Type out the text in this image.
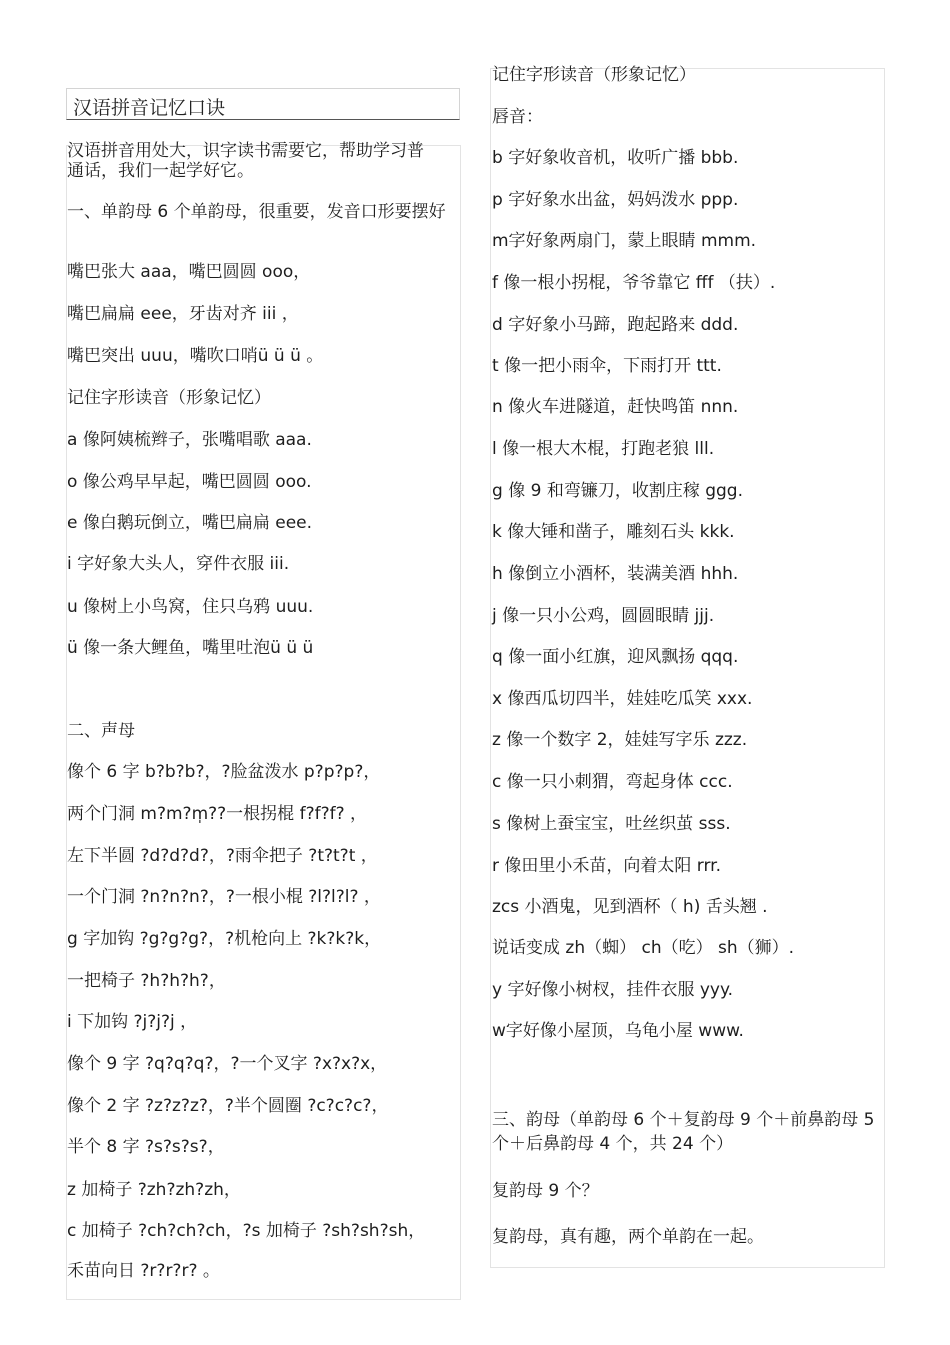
汉语拼音记忆口诀
汉语拼音用处大，识字读书需要它，帮助学习普通话，我们一起学好它。
一、单韵母 6 个单韵母，很重要，发音口形要摆好
嘴巴张大 aaa，嘴巴圆圆 ooo，
嘴巴扁扁 eee，牙齿对齐 iii ，
嘴巴突出 uuu，嘴吹口哨ü ü ü 。
记住字形读音（形象记忆）
a 像阿姨梳辫子，张嘴唱歌 aaa.
o 像公鸡早早起，嘴巴圆圆 ooo.
e 像白鹅玩倒立，嘴巴扁扁 eee.
i 字好象大头人，穿件衣服 iii.
u 像树上小鸟窝，住只乌鸦 uuu.
ü 像一条大鲤鱼，嘴里吐泡ü ü ü
二、声母
像个 6 字 b?b?b?，?脸盆泼水 p?p?p?，
两个门洞 m?m?m̩??一根拐棍 f?f?f? ，
左下半圆 ?d?d?d?，?雨伞把子 ?t?t?t ，
一个门洞 ?n?n?n?，?一根小棍 ?l?l?l? ，
g 字加钩 ?g?g?g?，?机枪向上 ?k?k?k，
一把椅子 ?h?h?h?，
i 下加钩 ?j?j?j ，
像个 9 字 ?q?q?q?，?一个叉字 ?x?x?x，
像个 2 字 ?z?z?z?，?半个圆圈 ?c?c?c?，
半个 8 字 ?s?s?s?，
z 加椅子 ?zh?zh?zh，
c 加椅子 ?ch?ch?ch，?s 加椅子 ?sh?sh?sh，
禾苗向日 ?r?r?r? 。
记住字形读音（形象记忆）
唇音：
b 字好象收音机，收听广播 bbb.
p 字好象水出盆，妈妈泼水 ppp.
m字好象两扇门，蒙上眼睛 mmm.
f 像一根小拐棍，爷爷靠它 fff （扶）.
d 字好象小马蹄，跑起路来 ddd.
t 像一把小雨伞，下雨打开 ttt.
n 像火车进隧道，赶快鸣笛 nnn.
l 像一根大木棍，打跑老狼 lll.
g 像 9 和弯镰刀，收割庄稼 ggg.
k 像大锤和凿子，雕刻石头 kkk.
h 像倒立小酒杯，装满美酒 hhh.
j 像一只小公鸡，圆圆眼睛 jjj.
q 像一面小红旗，迎风飘扬 qqq.
x 像西瓜切四半，娃娃吃瓜笑 xxx.
z 像一个数字 2，娃娃写字乐 zzz.
c 像一只小刺猬，弯起身体 ccc.
s 像树上蚕宝宝，吐丝织茧 sss.
r 像田里小禾苗，向着太阳 rrr.
zcs 小酒鬼，见到酒杯（ h) 舌头翘 .
说话变成 zh（蜘） ch（吃） sh（狮）.
y 字好像小树杈，挂件衣服 yyy.
w字好像小屋顶，乌龟小屋 www.
三、韵母（单韵母 6 个＋复韵母 9 个＋前鼻韵母 5 个＋后鼻韵母 4 个，共 24 个）
复韵母 9 个？
复韵母，真有趣，两个单韵在一起。
